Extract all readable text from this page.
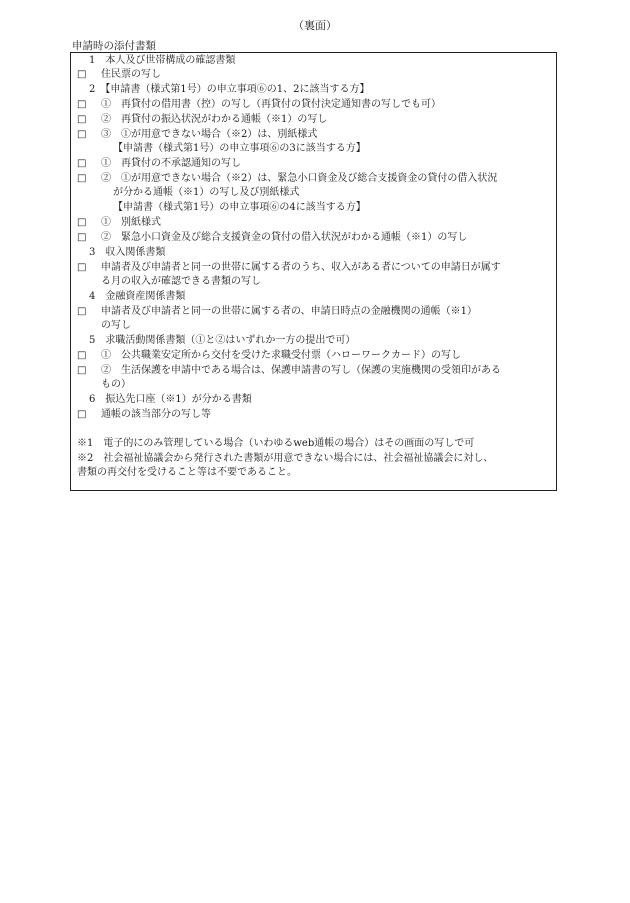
（裏面）
申請時の添付書類
1　本人及び世帯構成の確認書類
□ 住民票の写し
2　【申請書（様式第1号）の申立事項⑥の1、2に該当する方】
□ ①　再貸付の借用書（控）の写し（再貸付の貸付決定通知書の写しでも可）
□ ②　再貸付の振込状況がわかる通帳（※1）の写し
□ ③　①が用意できない場合（※2）は、別紙様式
【申請書（様式第1号）の申立事項⑥の3に該当する方】
□ ①　再貸付の不承認通知の写し
□ ②　①が用意できない場合（※2）は、緊急小口資金及び総合支援資金の貸付の借入状況
が分かる通帳（※1）の写し及び別紙様式
【申請書（様式第1号）の申立事項⑥の4に該当する方】
□ ①　別紙様式
□ ②　緊急小口資金及び総合支援資金の貸付の借入状況がわかる通帳（※1）の写し
3　収入関係書類
□ 申請者及び申請者と同一の世帯に属する者のうち、収入がある者についての申請日が属す
る月の収入が確認できる書類の写し
4　金融資産関係書類
□ 申請者及び申請者と同一の世帯に属する者の、申請日時点の金融機関の通帳（※1）
の写し
5　求職活動関係書類（①と②はいずれか一方の提出で可）
□ ①　公共職業安定所から交付を受けた求職受付票（ハローワークカード）の写し
□ ②　生活保護を申請中である場合は、保護申請書の写し（保護の実施機関の受領印がある
もの）
6　振込先口座（※1）が分かる書類
□ 通帳の該当部分の写し等
※1　電子的にのみ管理している場合（いわゆるweb通帳の場合）はその画面の写しで可
※2　社会福祉協議会から発行された書類が用意できない場合には、社会福祉協議会に対し、
書類の再交付を受けること等は不要であること。
